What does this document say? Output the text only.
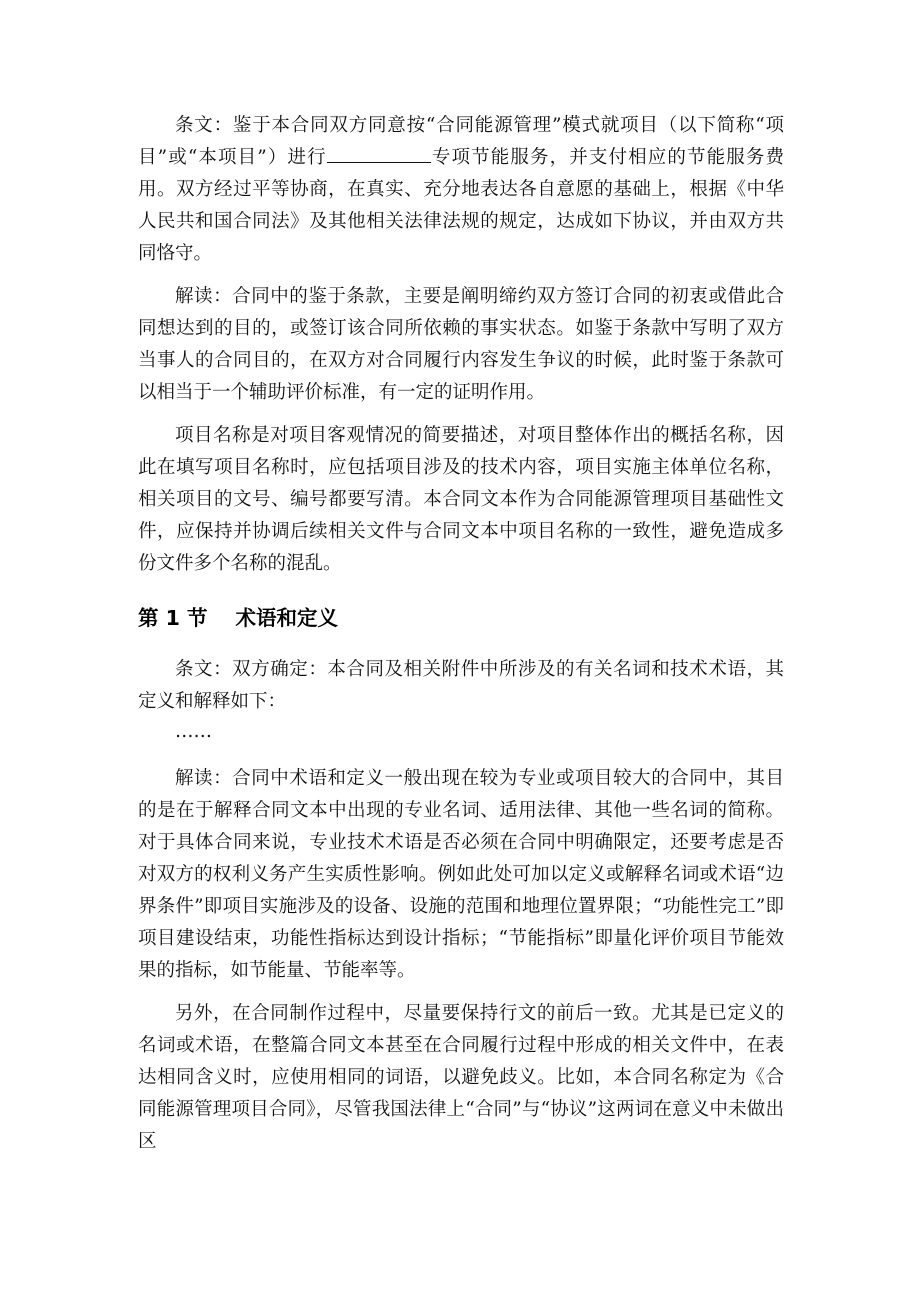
条文：鉴于本合同双方同意按“合同能源管理”模式就项目（以下简称“项目”或“本项目”）进行	专项节能服务，并支付相应的节能服务费用。双方经过平等协商，在真实、充分地表达各自意愿的基础上，根据《中华人民共和国合同法》及其他相关法律法规的规定，达成如下协议，并由双方共同恪守。

解读：合同中的鉴于条款，主要是阐明缔约双方签订合同的初衷或借此合同想达到的目的，或签订该合同所依赖的事实状态。如鉴于条款中写明了双方当事人的合同目的，在双方对合同履行内容发生争议的时候，此时鉴于条款可以相当于一个辅助评价标准，有一定的证明作用。

项目名称是对项目客观情况的简要描述，对项目整体作出的概括名称，因此在填写项目名称时，应包括项目涉及的技术内容，项目实施主体单位名称，相关项目的文号、编号都要写清。本合同文本作为合同能源管理项目基础性文件，应保持并协调后续相关文件与合同文本中项目名称的一致性，避免造成多份文件多个名称的混乱。

第 1 节 术语和定义

条文：双方确定：本合同及相关附件中所涉及的有关名词和技术术语，其定义和解释如下：

……

解读：合同中术语和定义一般出现在较为专业或项目较大的合同中，其目的是在于解释合同文本中出现的专业名词、适用法律、其他一些名词的简称。对于具体合同来说，专业技术术语是否必须在合同中明确限定，还要考虑是否对双方的权利义务产生实质性影响。例如此处可加以定义或解释名词或术语“边界条件”即项目实施涉及的设备、设施的范围和地理位置界限；“功能性完工”即项目建设结束，功能性指标达到设计指标；“节能指标”即量化评价项目节能效果的指标，如节能量、节能率等。

另外，在合同制作过程中，尽量要保持行文的前后一致。尤其是已定义的名词或术语，在整篇合同文本甚至在合同履行过程中形成的相关文件中，在表达相同含义时，应使用相同的词语，以避免歧义。比如，本合同名称定为《合同能源管理项目合同》，尽管我国法律上“合同”与“协议”这两词在意义中未做出区
